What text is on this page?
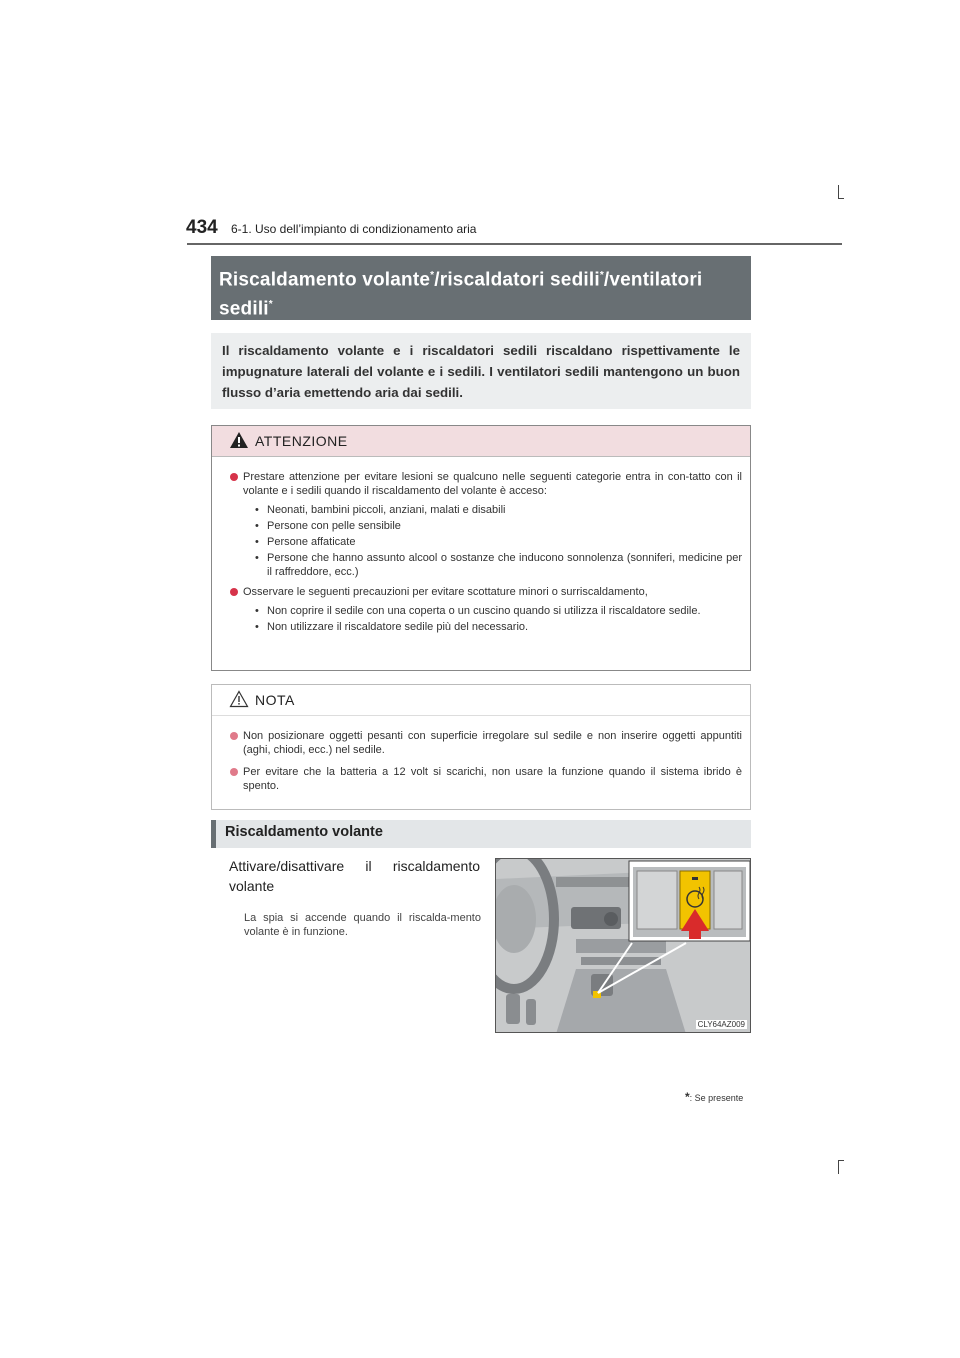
434 6-1. Uso dell’impianto di condizionamento aria
Riscaldamento volante*/riscaldatori sedili*/ventilatori
sedili*
Il riscaldamento volante e i riscaldatori sedili riscaldano rispettivamente le impugnature laterali del volante e i sedili. I ventilatori sedili mantengono un buon flusso d’aria emettendo aria dai sedili.
ATTENZIONE
Prestare attenzione per evitare lesioni se qualcuno nelle seguenti categorie entra in con-tatto con il volante e i sedili quando il riscaldamento del volante è acceso:
• Neonati, bambini piccoli, anziani, malati e disabili
• Persone con pelle sensibile
• Persone affaticate
• Persone che hanno assunto alcool o sostanze che inducono sonnolenza (sonniferi, medicine per il raffreddore, ecc.)
Osservare le seguenti precauzioni per evitare scottature minori o surriscaldamento,
• Non coprire il sedile con una coperta o un cuscino quando si utilizza il riscaldatore sedile.
• Non utilizzare il riscaldatore sedile più del necessario.
NOTA
Non posizionare oggetti pesanti con superficie irregolare sul sedile e non inserire oggetti appuntiti (aghi, chiodi, ecc.) nel sedile.
Per evitare che la batteria a 12 volt si scarichi, non usare la funzione quando il sistema ibrido è spento.
Riscaldamento volante
Attivare/disattivare il riscaldamento
volante
La spia si accende quando il riscalda-mento volante è in funzione.
CLY64AZ009
*: Se presente
